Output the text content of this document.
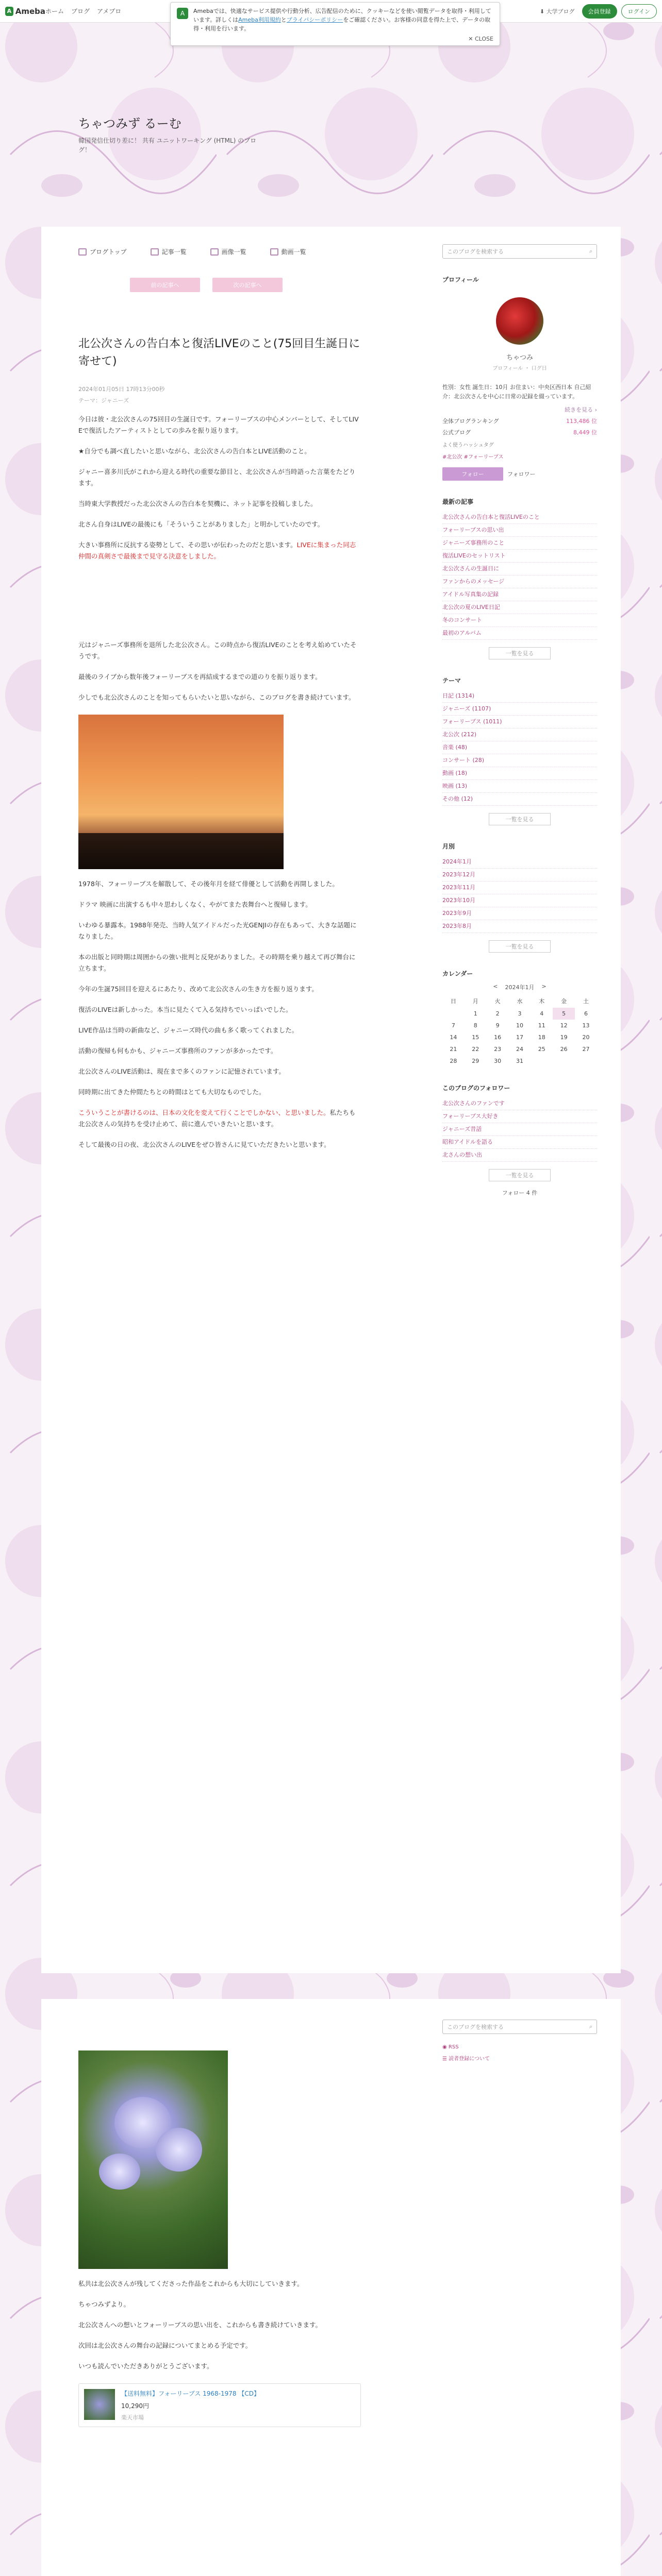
A Ameba ホーム ブログ アメブロ	⬇ 大学ブログ	会員登録	ログイン
A	Amebaでは、快適なサービス提供や行動分析、広告配信のために、クッキーなどを使い閲覧データを取得・利用しています。詳しくはAmeba利用規約とプライバシーポリシーをご確認ください。お客様の同意を得た上で、データの取得・利用を行います。
✕ CLOSE
ちゃつみず るーむ
韓国発信仕切り差に！ 共有 ユニットワーキング (HTML) のブログ！
ブログトップ	記事一覧	画像一覧	動画一覧
前の記事へ	次の記事へ
北公次さんの告白本と復活LIVEのこと(75回目生誕日に寄せて)
2024年01月05日 17時13分00秒
テーマ：ジャニーズ

今日は彼・北公次さんの75回目の生誕日です。フォーリーブスの中心メンバーとして、そしてLIVEで復活したアーティストとしての歩みを振り返ります。

★自分でも調べ直したいと思いながら、北公次さんの告白本とLIVE活動のこと。

ジャニー喜多川氏がこれから迎える時代の重要な節目と、北公次さんが当時語った言葉をたどります。

当時東大学教授だった北公次さんの告白本を契機に、ネット記事を投稿しました。

北さん自身はLIVEの最後にも「そういうことがありました」と明かしていたのです。

大きい事務所に反抗する姿勢として、その思いが伝わったのだと思います。LIVEに集まった同志仲間の真剣さで最後まで見守る決意をしました。

元はジャニーズ事務所を退所した北公次さん。この時点から復活LIVEのことを考え始めていたそうです。

最後のライブから数年後フォーリーブスを再結成するまでの道のりを振り返ります。

少しでも北公次さんのことを知ってもらいたいと思いながら、このブログを書き続けています。

1978年、フォーリーブスを解散して、その後年月を経て俳優として活動を再開しました。

ドラマ 映画に出演するも中々思わしくなく、やがてまた表舞台へと復帰します。

いわゆる暴露本。1988年発売、当時人気アイドルだった光GENJIの存在もあって、大きな話題になりました。

本の出版と同時期は周囲からの強い批判と反発がありました。その時期を乗り越えて再び舞台に立ちます。

今年の生誕75回目を迎えるにあたり、改めて北公次さんの生き方を振り返ります。

復活のLIVEは新しかった。本当に見たくて入る気持ちでいっぱいでした。

LIVE作品は当時の新曲など、ジャニーズ時代の曲も多く歌ってくれました。

活動の復帰も何もかも、ジャニーズ事務所のファンが多かったです。

北公次さんのLIVE活動は、現在まで多くのファンに記憶されています。

同時期に出てきた仲間たちとの時間はとても大切なものでした。

こういうことが書けるのは、日本の文化を変えて行くことでしかない、と思いました。私たちも北公次さんの気持ちを受け止めて、前に進んでいきたいと思います。

そして最後の日の夜、北公次さんのLIVEをぜひ皆さんに見ていただきたいと思います。

このブログを検索する	⌕
プロフィール
ちゃつみ
ブロフィール ・ 口グ日
性別：女性 誕生日：10月 お住まい：中央区西日本 自己紹介：北公次さんを中心に日常の記録を綴っています。
続きを見る ›
全体ブログランキング	113,486 位
公式ブログ	8,449 位
よく使うハッシュタグ
#北公次 #フォーリーブス
フォロー	フォロワー
最新の記事
北公次さんの告白本と復活LIVEのこと
フォーリーブスの思い出
ジャニーズ事務所のこと
復活LIVEのセットリスト
北公次さんの生誕日に
ファンからのメッセージ
アイドル写真集の記録
北公次の夏のLIVE日記
冬のコンサート
最初のアルバム
一覧を見る
テーマ
日記 (1314)
ジャニーズ (1107)
フォーリーブス (1011)
北公次 (212)
音楽 (48)
コンサート (28)
動画 (18)
映画 (13)
その他 (12)
一覧を見る
月別
2024年1月
2023年12月
2023年11月
2023年10月
2023年9月
2023年8月
一覧を見る
カレンダー
< 2024年1月 >
日	月	火	水	木	金	土
	1	2	3	4	5	6
7	8	9	10	11	12	13
14	15	16	17	18	19	20
21	22	23	24	25	26	27
28	29	30	31			
このブログのフォロワー
北公次さんのファンです
フォーリーブス大好き
ジャニーズ昔話
昭和アイドルを語る
北さんの想い出
一覧を見る
フォロー 4 件

私共は北公次さんが残してくださった作品をこれからも大切にしていきます。

ちゃつみずより。

北公次さんへの想いとフォーリーブスの思い出を、これからも書き続けていきます。

次回は北公次さんの舞台の記録についてまとめる予定です。

いつも読んでいただきありがとうございます。

【送料無料】フォーリーブス 1968-1978 【CD】
10,290円
楽天市場
このブログを検索する	⌕
◉ RSS
☰ 読者登録について
